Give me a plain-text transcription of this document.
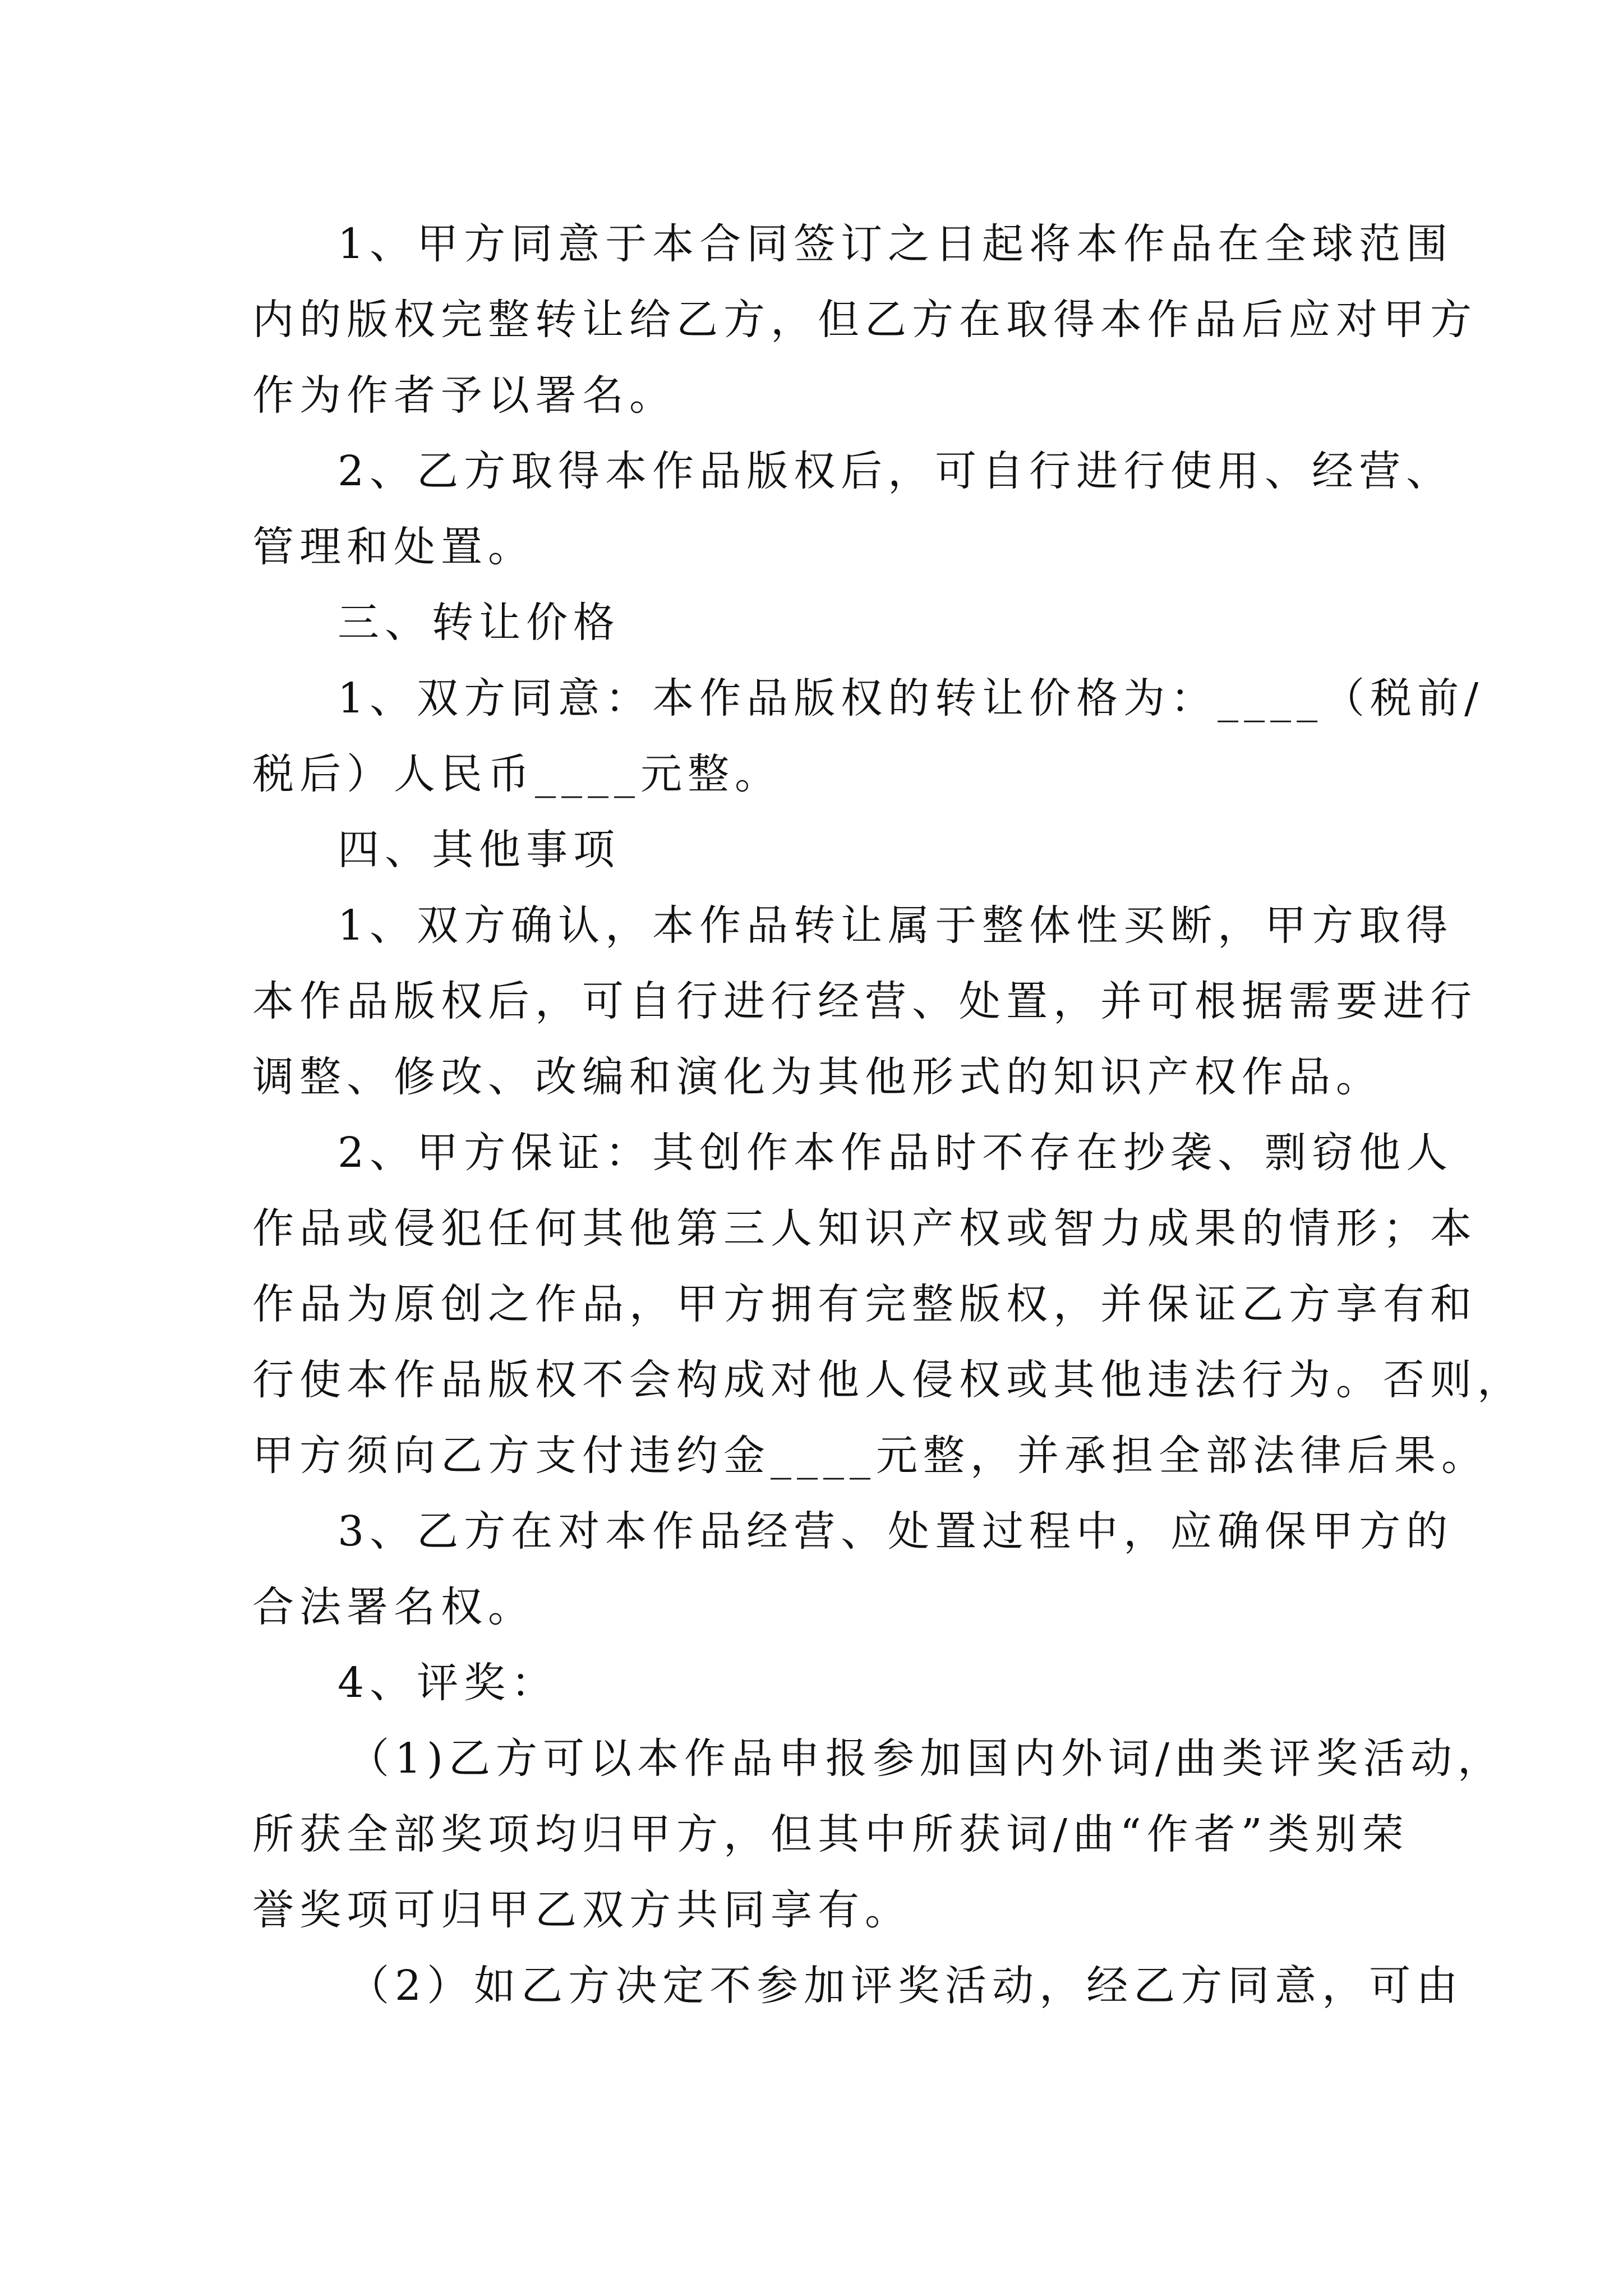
1、甲方同意于本合同签订之日起将本作品在全球范围
内的版权完整转让给乙方，但乙方在取得本作品后应对甲方
作为作者予以署名。
2、乙方取得本作品版权后，可自行进行使用、经营、
管理和处置。
三、转让价格
1、双方同意：本作品版权的转让价格为：____（税前/
税后）人民币____元整。
四、其他事项
1、双方确认，本作品转让属于整体性买断，甲方取得
本作品版权后，可自行进行经营、处置，并可根据需要进行
调整、修改、改编和演化为其他形式的知识产权作品。
2、甲方保证：其创作本作品时不存在抄袭、剽窃他人
作品或侵犯任何其他第三人知识产权或智力成果的情形；本
作品为原创之作品，甲方拥有完整版权，并保证乙方享有和
行使本作品版权不会构成对他人侵权或其他违法行为。否则，
甲方须向乙方支付违约金____元整，并承担全部法律后果。
3、乙方在对本作品经营、处置过程中，应确保甲方的
合法署名权。
4、评奖：
（1)乙方可以本作品申报参加国内外词/曲类评奖活动，
所获全部奖项均归甲方，但其中所获词/曲“作者”类别荣
誉奖项可归甲乙双方共同享有。
（2）如乙方决定不参加评奖活动，经乙方同意，可由
